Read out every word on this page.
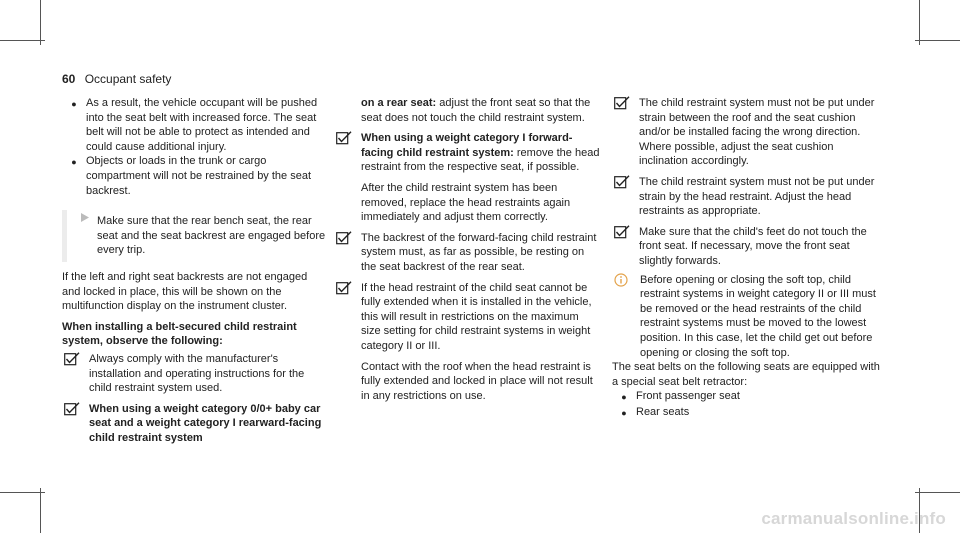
60 Occupant safety
● As a result, the vehicle occupant will be pushed into the seat belt with increased force. The seat belt will not be able to protect as intended and could cause additional injury.

● Objects or loads in the trunk or cargo compartment will not be restrained by the seat backrest.

Make sure that the rear bench seat, the rear seat and the seat backrest are engaged before every trip.

If the left and right seat backrests are not engaged and locked in place, this will be shown on the multifunction display on the instrument cluster.

When installing a belt-secured child restraint system, observe the following:

Always comply with the manufacturer's installation and operating instructions for the child restraint system used.

When using a weight category 0/0+ baby car seat and a weight category I rearward-facing child restraint system

on a rear seat: adjust the front seat so that the seat does not touch the child restraint system.

When using a weight category I forward-facing child restraint system: remove the head restraint from the respective seat, if possible.

After the child restraint system has been removed, replace the head restraints again immediately and adjust them correctly.

The backrest of the forward-facing child restraint system must, as far as possible, be resting on the seat backrest of the rear seat.

If the head restraint of the child seat cannot be fully extended when it is installed in the vehicle, this will result in restrictions on the maximum size setting for child restraint systems in weight category II or III.

Contact with the roof when the head restraint is fully extended and locked in place will not result in any restrictions on use.

The child restraint system must not be put under strain between the roof and the seat cushion and/or be installed facing the wrong direction. Where possible, adjust the seat cushion inclination accordingly.

The child restraint system must not be put under strain by the head restraint. Adjust the head restraints as appropriate.

Make sure that the child's feet do not touch the front seat. If necessary, move the front seat slightly forwards.

Before opening or closing the soft top, child restraint systems in weight category II or III must be removed or the head restraints of the child restraint systems must be moved to the lowest position. In this case, let the child get out before opening or closing the soft top.

The seat belts on the following seats are equipped with a special seat belt retractor:

● Front passenger seat

● Rear seats

carmanualsonline.info
